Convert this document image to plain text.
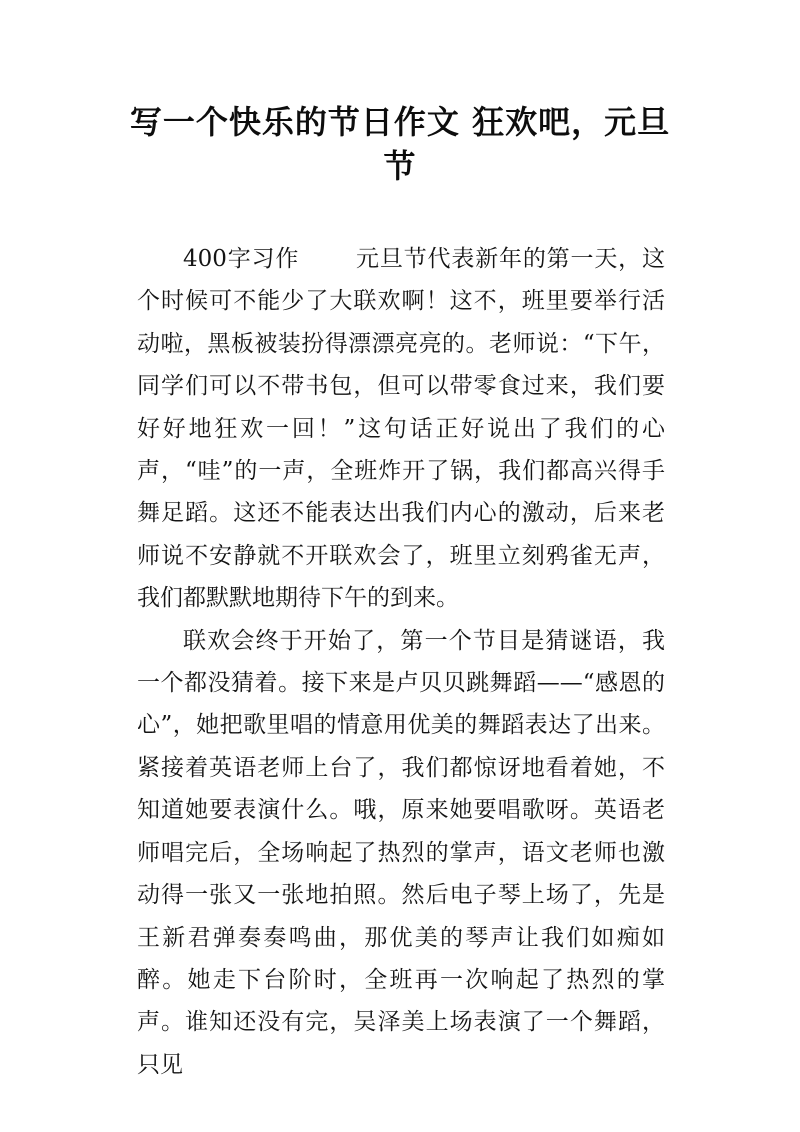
写一个快乐的节日作文 狂欢吧，元旦
节

400字习作 元旦节代表新年的第一天，这个时候可不能少了大联欢啊！这不，班里要举行活动啦，黑板被装扮得漂漂亮亮的。老师说：“下午，同学们可以不带书包，但可以带零食过来，我们要好好地狂欢一回！”这句话正好说出了我们的心声，“哇”的一声，全班炸开了锅，我们都高兴得手舞足蹈。这还不能表达出我们内心的激动，后来老师说不安静就不开联欢会了，班里立刻鸦雀无声，我们都默默地期待下午的到来。

联欢会终于开始了，第一个节目是猜谜语，我一个都没猜着。接下来是卢贝贝跳舞蹈——“感恩的心”，她把歌里唱的情意用优美的舞蹈表达了出来。紧接着英语老师上台了，我们都惊讶地看着她，不知道她要表演什么。哦，原来她要唱歌呀。英语老师唱完后，全场响起了热烈的掌声，语文老师也激动得一张又一张地拍照。然后电子琴上场了，先是王新君弹奏奏鸣曲，那优美的琴声让我们如痴如醉。她走下台阶时，全班再一次响起了热烈的掌声。谁知还没有完，吴泽美上场表演了一个舞蹈，只见
